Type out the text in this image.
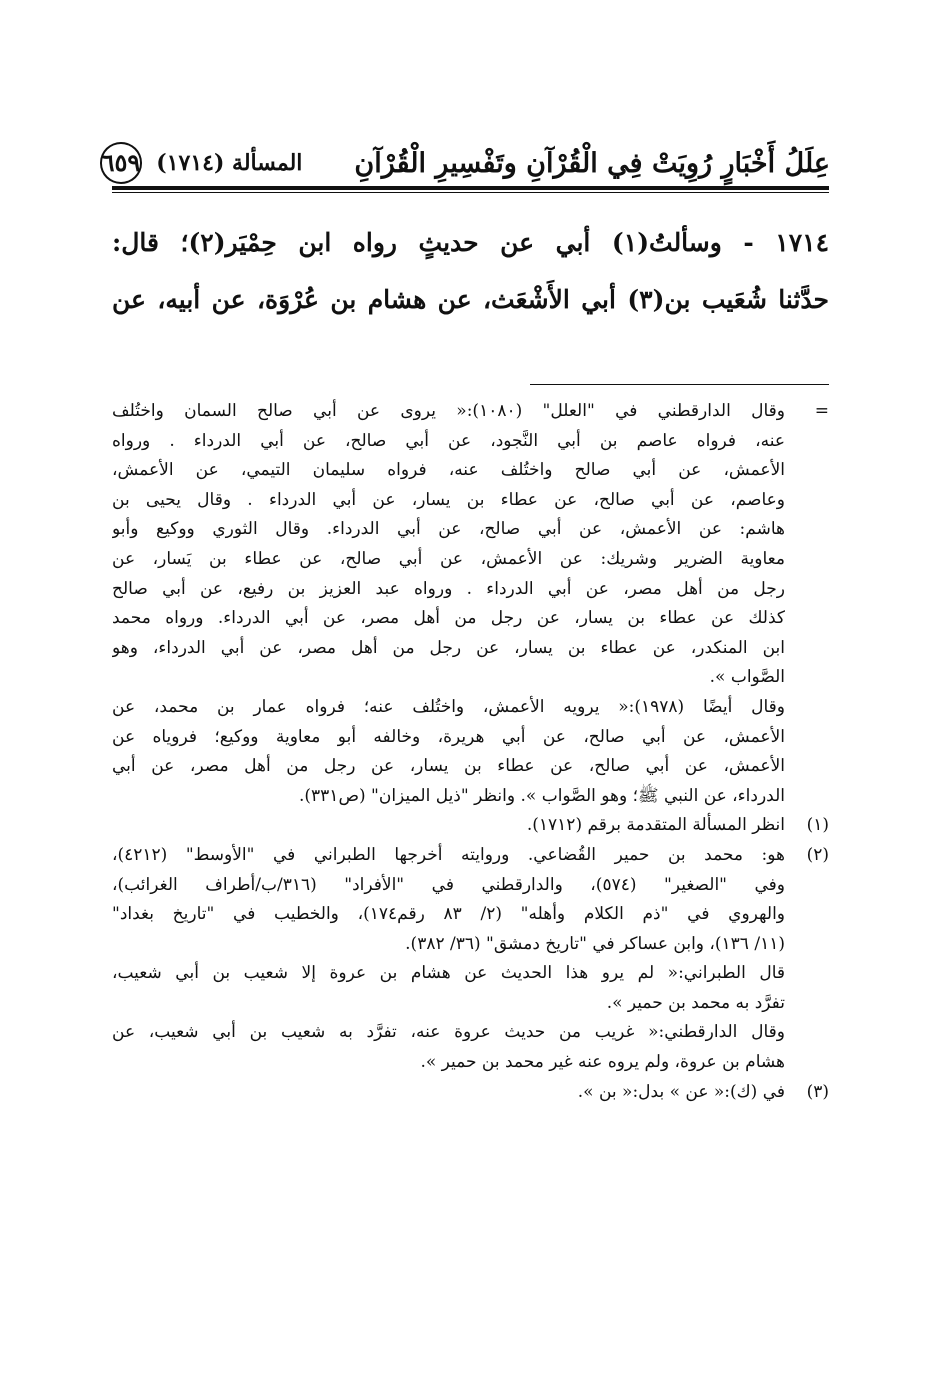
عِلَلُ أَخْبَارٍ رُوِيَتْ فِي الْقُرْآنِ وتَفْسِيرِ الْقُرْآنِ
المسألة (١٧١٤)
٦٥٩
١٧١٤ - وسألتُ(١) أبي عن حديثٍ رواه ابن حِمْيَر(٢)؛ قال:
حدَّثنا شُعَيب بن(٣) أبي الأَشْعَث، عن هشام بن عُرْوَة، عن أبيه، عن
=
وقال الدارقطني في "العلل" (١٠٨٠):« يروى عن أبي صالح السمان واختُلف
عنه، فرواه عاصم بن أبي النَّجود، عن أبي صالح، عن أبي الدرداء . ورواه
الأعمش، عن أبي صالح واختُلف عنه، فرواه سليمان التيمي، عن الأعمش،
وعاصم، عن أبي صالح، عن عطاء بن يسار، عن أبي الدرداء . وقال يحيى بن
هاشم: عن الأعمش، عن أبي صالح، عن أبي الدرداء. وقال الثوري ووكيع وأبو
معاوية الضرير وشريك: عن الأعمش، عن أبي صالح، عن عطاء بن يَسار، عن
رجل من أهل مصر، عن أبي الدرداء . ورواه عبد العزيز بن رفيع، عن أبي صالح
كذلك عن عطاء بن يسار، عن رجل من أهل مصر، عن أبي الدرداء. ورواه محمد
ابن المنكدر، عن عطاء بن يسار، عن رجل من أهل مصر، عن أبي الدرداء، وهو
الصَّواب ».
وقال أيضًا (١٩٧٨):« يرويه الأعمش، واختُلف عنه؛ فرواه عمار بن محمد، عن
الأعمش، عن أبي صالح، عن أبي هريرة، وخالفه أبو معاوية ووكيع؛ فروياه عن
الأعمش، عن أبي صالح، عن عطاء بن يسار، عن رجل من أهل مصر، عن أبي
الدرداء، عن النبي ﷺ؛ وهو الصَّواب ». وانظر "ذيل الميزان" (ص٣٣١).
(١)
انظر المسألة المتقدمة برقم (١٧١٢).
(٢)
هو: محمد بن حمير القُضاعي. وروايته أخرجها الطبراني في "الأوسط" (٤٢١٢)،
وفي "الصغير" (٥٧٤)، والدارقطني في "الأفراد" (٣١٦/ب/أطراف الغرائب)،
والهروي في "ذم الكلام وأهله" (٢/ ٨٣ رقم١٧٤)، والخطيب في "تاريخ بغداد"
(١١/ ١٣٦)، وابن عساكر في "تاريخ دمشق" (٣٦/ ٣٨٢).
قال الطبراني:« لم يرو هذا الحديث عن هشام بن عروة إلا شعيب بن أبي شعيب،
تفرَّد به محمد بن حمير ».
وقال الدارقطني:« غريب من حديث عروة عنه، تفرَّد به شعيب بن أبي شعيب، عن
هشام بن عروة، ولم يروه عنه غير محمد بن حمير ».
(٣)
في (ك):« عن » بدل:« بن ».
